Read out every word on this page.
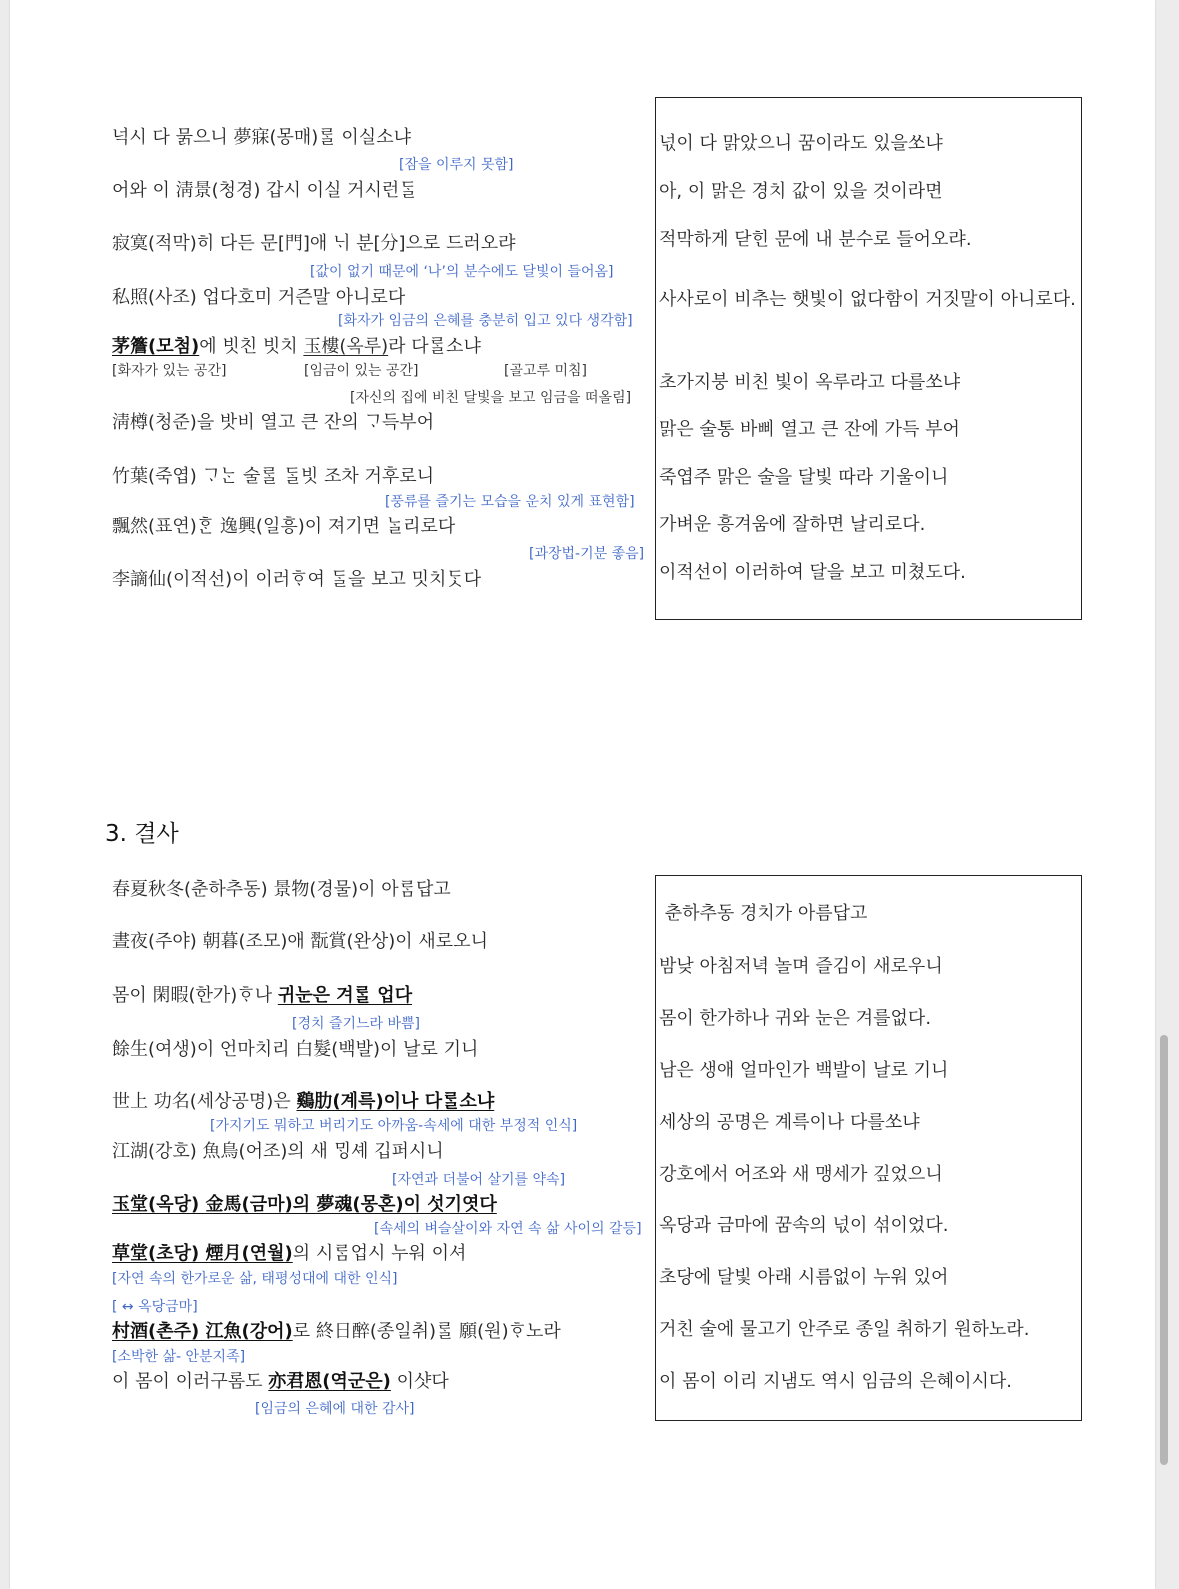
넉시 다 묽으니 夢寐(몽매)ᄅᆞᆯ 이실소냐
[잠을 이루지 못함]
어와 이 淸景(청경) 갑시 이실 거시런ᄃᆞᆯ
寂寞(적막)히 다든 문[門]애 ᄂᆡ 분[分]으로 드러오랴
[값이 없기 때문에 ‘나’의 분수에도 달빛이 들어옴]
私照(사조) 업다호미 거즌말 아니로다
[화자가 임금의 은혜를 충분히 입고 있다 생각함]
茅簷(모첨)에 빗친 빗치 玉樓(옥루)라 다ᄅᆞᆯ소냐
[화자가 있는 공간]	[임금이 있는 공간]	[골고루 미침]
[자신의 집에 비친 달빛을 보고 임금을 떠올림]
淸樽(청준)을 밧비 열고 큰 잔의 ᄀᆞ득부어
竹葉(죽엽) ᄀᆞᄂᆞᆫ 술ᄅᆞᆯ ᄃᆞᆯ빗 조차 거후로니
[풍류를 즐기는 모습을 운치 있게 표현함]
飄然(표연)ᄒᆞᆫ 逸興(일흥)이 져기면 ᄂᆞᆯ리로다
[과장법-기분 좋음]
李謫仙(이적선)이 이러ᄒᆞ여 ᄃᆞᆯ을 보고 밋치ᄃᆞᆺ다
넋이 다 맑았으니 꿈이라도 있을쏘냐
아, 이 맑은 경치 값이 있을 것이라면
적막하게 닫힌 문에 내 분수로 들어오랴.
사사로이 비추는 햇빛이 없다함이 거짓말이 아니로다.
초가지붕 비친 빛이 옥루라고 다를쏘냐
맑은 술통 바삐 열고 큰 잔에 가득 부어
죽엽주 맑은 술을 달빛 따라 기울이니
가벼운 흥겨움에 잘하면 날리로다.
이적선이 이러하여 달을 보고 미쳤도다.
3. 결사
春夏秋冬(춘하추동) 景物(경물)이 아ᄅᆞᆷ답고
晝夜(주야) 朝暮(조모)애 翫賞(완상)이 새로오니
몸이 閑暇(한가)ᄒᆞ나 귀눈은 겨ᄅᆞᆯ 업다
[경치 즐기느라 바쁨]
餘生(여생)이 언마치리 白髮(백발)이 날로 기니
世上 功名(세상공명)은 鷄肋(계륵)이나 다ᄅᆞᆯ소냐
[가지기도 뭐하고 버리기도 아까움-속세에 대한 부정적 인식]
江湖(강호) 魚鳥(어조)의 새 ᄆᆡᆼ셰 깁퍼시니
[자연과 더불어 살기를 약속]
玉堂(옥당) 金馬(금마)의 夢魂(몽혼)이 섯기엿다
[속세의 벼슬살이와 자연 속 삶 사이의 갈등]
草堂(초당) 煙月(연월)의 시ᄅᆞᆷ업시 누워 이셔
[자연 속의 한가로운 삶, 태평성대에 대한 인식]
[ ↔ 옥당금마]
村酒(촌주) 江魚(강어)로 終日醉(종일취)ᄅᆞᆯ 願(원)ᄒᆞ노라
[소박한 삶- 안분지족]
이 몸이 이러구롬도 亦君恩(역군은) 이샷다
[임금의 은혜에 대한 감사]
춘하추동 경치가 아름답고
밤낮 아침저녁 놀며 즐김이 새로우니
몸이 한가하나 귀와 눈은 겨를없다.
남은 생애 얼마인가 백발이 날로 기니
세상의 공명은 계륵이나 다를쏘냐
강호에서 어조와 새 맹세가 깊었으니
옥당과 금마에 꿈속의 넋이 섞이었다.
초당에 달빛 아래 시름없이 누워 있어
거친 술에 물고기 안주로 종일 취하기 원하노라.
이 몸이 이리 지냄도 역시 임금의 은혜이시다.
